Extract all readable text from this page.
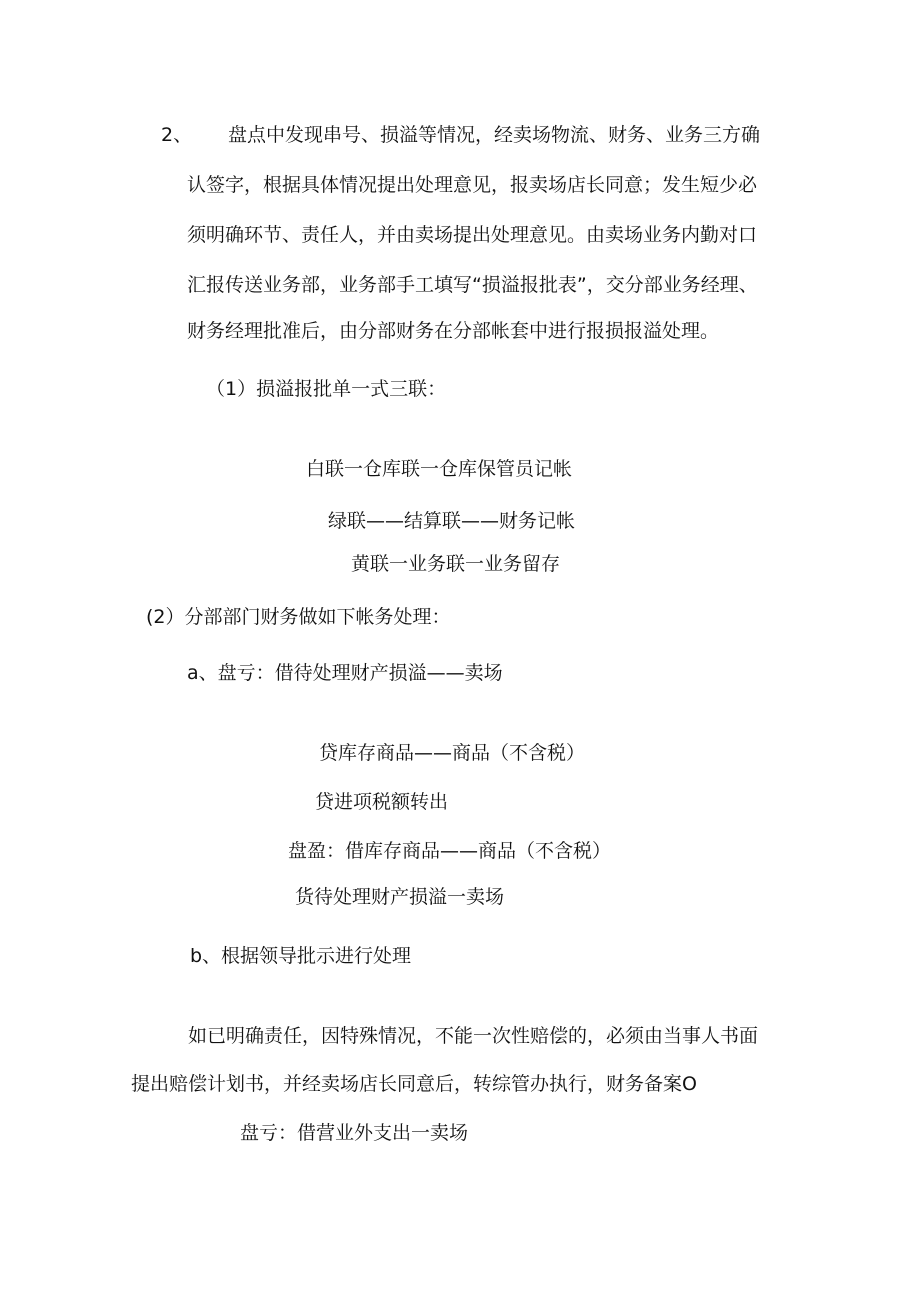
2、 盘点中发现串号、损溢等情况，经卖场物流、财务、业务三方确
认签字，根据具体情况提出处理意见，报卖场店长同意；发生短少必
须明确环节、责任人，并由卖场提出处理意见。由卖场业务内勤对口
汇报传送业务部，业务部手工填写“损溢报批表”，交分部业务经理、
财务经理批准后，由分部财务在分部帐套中进行报损报溢处理。
（1）损溢报批单一式三联：
白联一仓库联一仓库保管员记帐
绿联——结算联——财务记帐
黄联一业务联一业务留存
(2）分部部门财务做如下帐务处理：
a、盘亏：借待处理财产损溢——卖场
贷库存商品——商品（不含税）
贷进项税额转出
盘盈：借库存商品——商品（不含税）
货待处理财产损溢一卖场
b、根据领导批示进行处理
如已明确责任，因特殊情况，不能一次性赔偿的，必须由当事人书面
提出赔偿计划书，并经卖场店长同意后，转综管办执行，财务备案O
盘亏：借营业外支出一卖场
